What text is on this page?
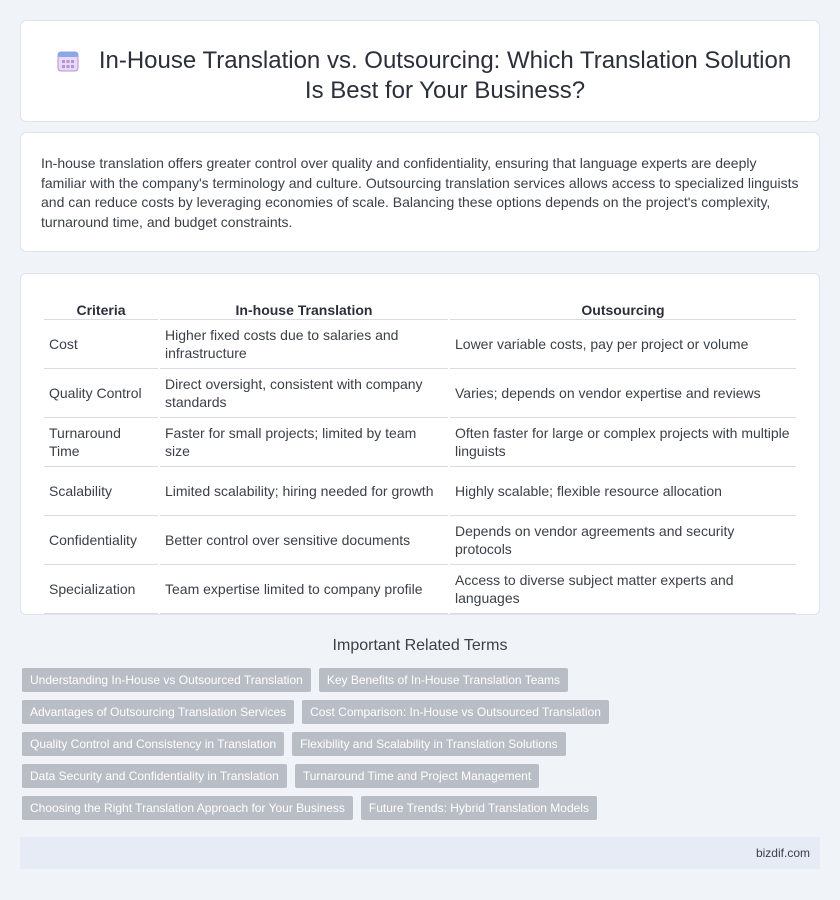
In-House Translation vs. Outsourcing: Which Translation Solution Is Best for Your Business?

In-house translation offers greater control over quality and confidentiality, ensuring that language experts are deeply familiar with the company's terminology and culture. Outsourcing translation services allows access to specialized linguists and can reduce costs by leveraging economies of scale. Balancing these options depends on the project's complexity, turnaround time, and budget constraints.

Criteria	In-house Translation	Outsourcing
Cost	Higher fixed costs due to salaries and infrastructure	Lower variable costs, pay per project or volume
Quality Control	Direct oversight, consistent with company standards	Varies; depends on vendor expertise and reviews
Turnaround Time	Faster for small projects; limited by team size	Often faster for large or complex projects with multiple linguists
Scalability	Limited scalability; hiring needed for growth	Highly scalable; flexible resource allocation
Confidentiality	Better control over sensitive documents	Depends on vendor agreements and security protocols
Specialization	Team expertise limited to company profile	Access to diverse subject matter experts and languages
Important Related Terms
Understanding In-House vs Outsourced Translation	Key Benefits of In-House Translation Teams
Advantages of Outsourcing Translation Services	Cost Comparison: In-House vs Outsourced Translation
Quality Control and Consistency in Translation	Flexibility and Scalability in Translation Solutions
Data Security and Confidentiality in Translation	Turnaround Time and Project Management
Choosing the Right Translation Approach for Your Business	Future Trends: Hybrid Translation Models
bizdif.com
